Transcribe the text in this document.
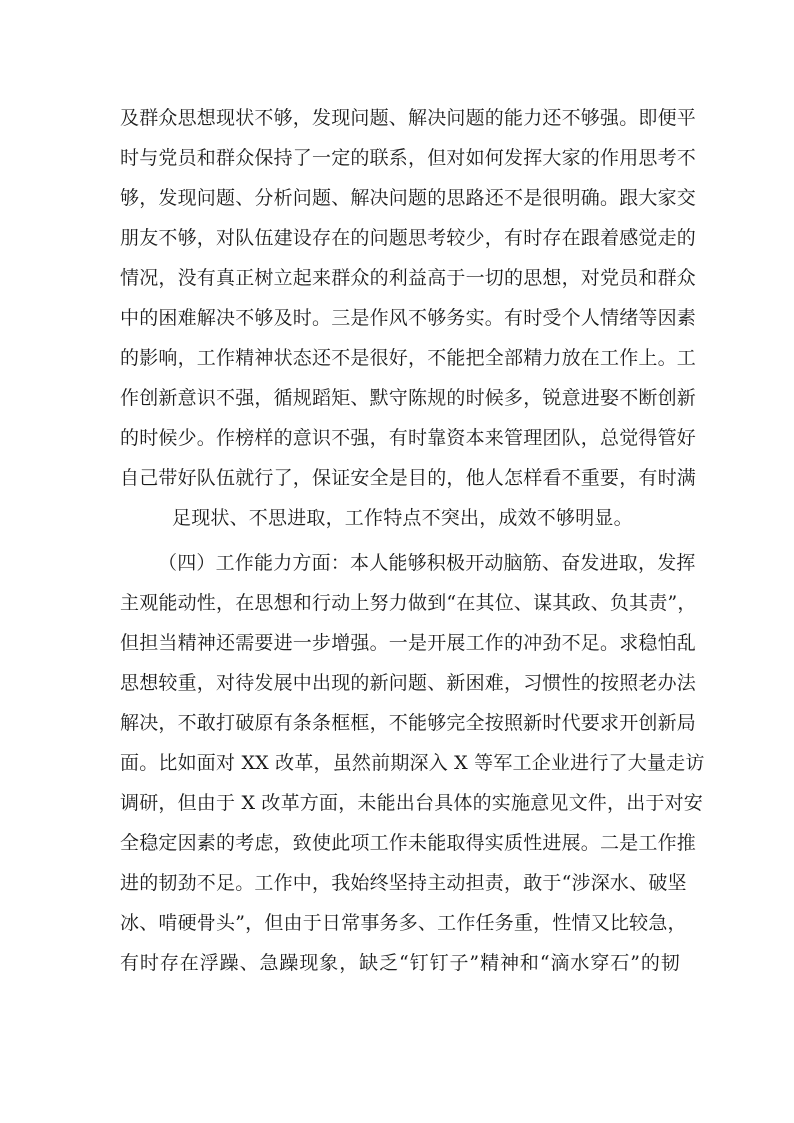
及群众思想现状不够，发现问题、解决问题的能力还不够强。即便平
时与党员和群众保持了一定的联系，但对如何发挥大家的作用思考不
够，发现问题、分析问题、解决问题的思路还不是很明确。跟大家交
朋友不够，对队伍建设存在的问题思考较少，有时存在跟着感觉走的
情况，没有真正树立起来群众的利益高于一切的思想，对党员和群众
中的困难解决不够及时。三是作风不够务实。有时受个人情绪等因素
的影响，工作精神状态还不是很好，不能把全部精力放在工作上。工
作创新意识不强，循规蹈矩、默守陈规的时候多，锐意进娶不断创新
的时候少。作榜样的意识不强，有时靠资本来管理团队，总觉得管好
自己带好队伍就行了，保证安全是目的，他人怎样看不重要，有时满
足现状、不思进取，工作特点不突出，成效不够明显。
（四）工作能力方面：本人能够积极开动脑筋、奋发进取，发挥
主观能动性，在思想和行动上努力做到“在其位、谋其政、负其责”，
但担当精神还需要进一步增强。一是开展工作的冲劲不足。求稳怕乱
思想较重，对待发展中出现的新问题、新困难，习惯性的按照老办法
解决，不敢打破原有条条框框，不能够完全按照新时代要求开创新局
面。比如面对 XX 改革，虽然前期深入 X 等军工企业进行了大量走访
调研，但由于 X 改革方面，未能出台具体的实施意见文件，出于对安
全稳定因素的考虑，致使此项工作未能取得实质性进展。二是工作推
进的韧劲不足。工作中，我始终坚持主动担责，敢于“涉深水、破坚
冰、啃硬骨头”，但由于日常事务多、工作任务重，性情又比较急，
有时存在浮躁、急躁现象，缺乏“钉钉子”精神和“滴水穿石”的韧
